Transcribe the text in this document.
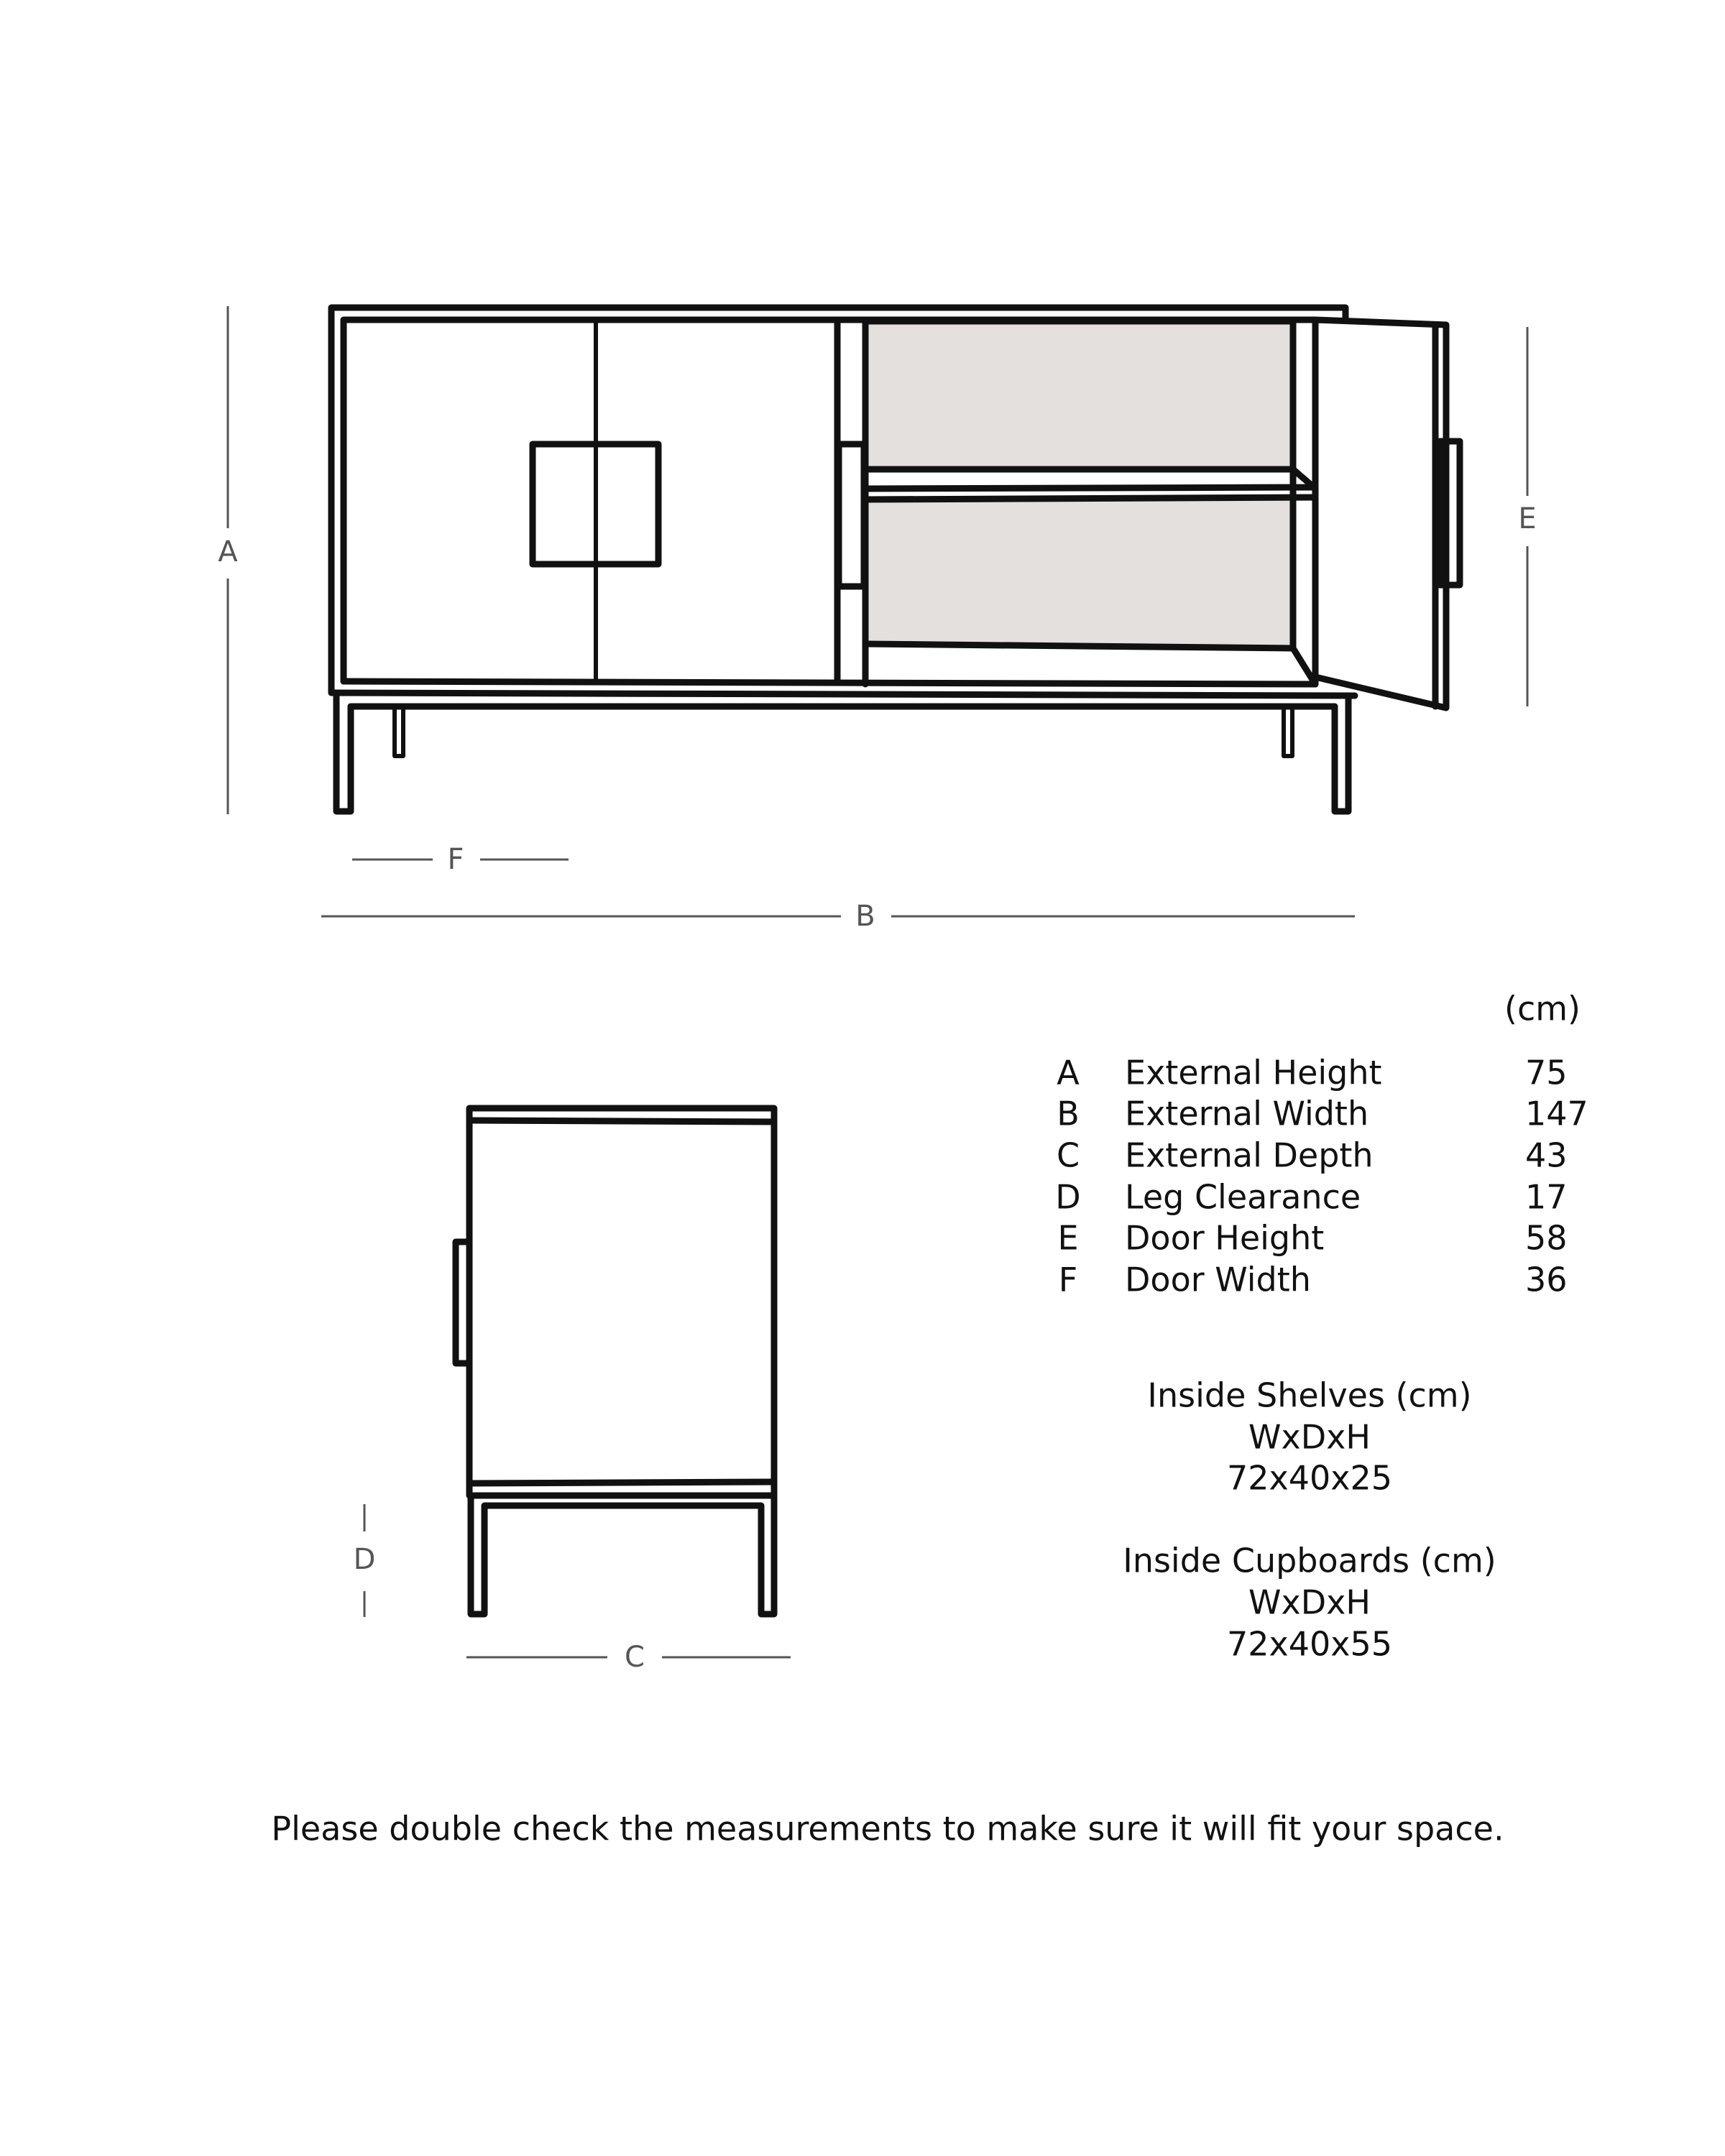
A
E
F
B
D
C
(cm)
A External Height	75
B External Width	147
C External Depth	43
D Leg Clearance	17
E Door Height	58
F Door Width	36
Inside Shelves (cm)
WxDxH
72x40x25
Inside Cupboards (cm)
WxDxH
72x40x55
Please double check the measurements to make sure it will fit your space.
